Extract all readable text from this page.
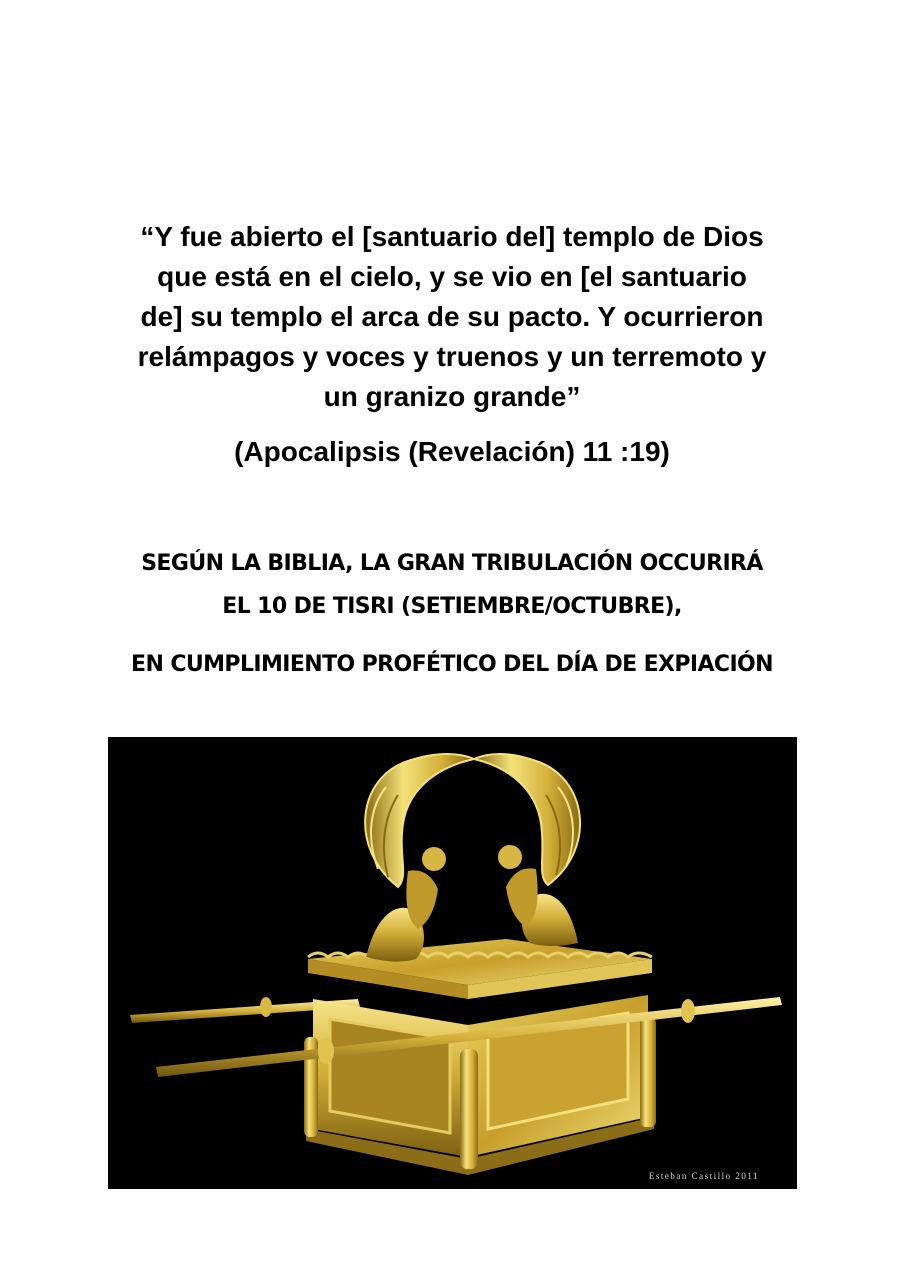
“Y fue abierto el [santuario del] templo de Dios
que está en el cielo, y se vio en [el santuario
de] su templo el arca de su pacto. Y ocurrieron
relámpagos y voces y truenos y un terremoto y
un granizo grande”
(Apocalipsis (Revelación) 11 :19)
SEGÚN LA BIBLIA, LA GRAN TRIBULACIÓN OCCURIRÁ
EL 10 DE TISRI (SETIEMBRE/OCTUBRE),
EN CUMPLIMIENTO PROFÉTICO DEL DÍA DE EXPIACIÓN
Esteban Castillo 2011
